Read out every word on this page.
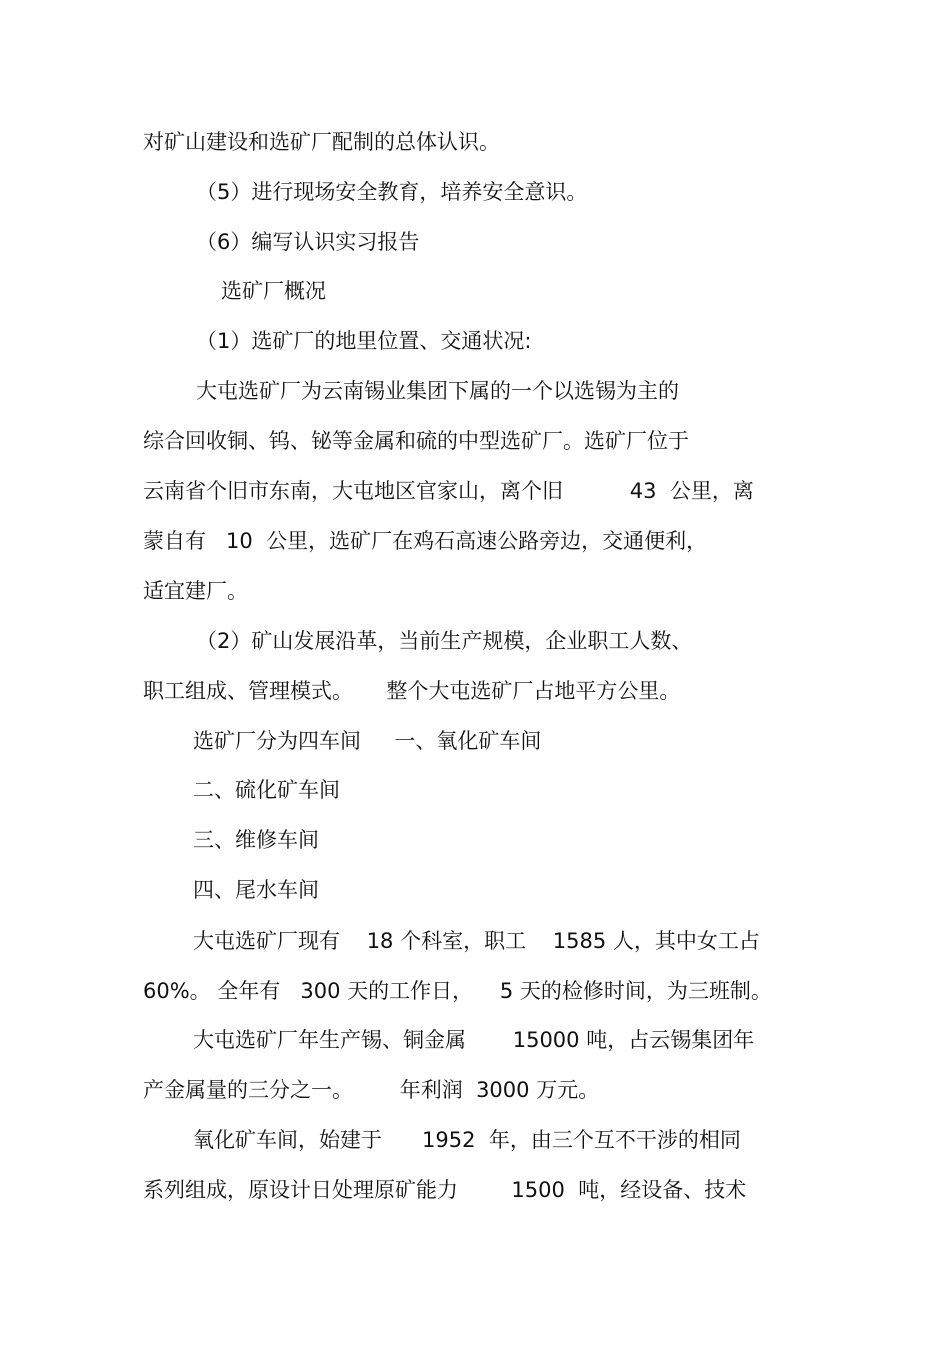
对矿山建设和选矿厂配制的总体认识。
（5）进行现场安全教育，培养安全意识。
（6）编写认识实习报告
选矿厂概况
（1）选矿厂的地里位置、交通状况:
大屯选矿厂为云南锡业集团下属的一个以选锡为主的
综合回收铜、钨、铋等金属和硫的中型选矿厂。选矿厂位于
云南省个旧市东南，大屯地区官家山，离个旧          43  公里，离
蒙自有   10  公里，选矿厂在鸡石高速公路旁边，交通便利，
适宜建厂。
（2）矿山发展沿革，当前生产规模，企业职工人数、
职工组成、管理模式。     整个大屯选矿厂占地平方公里。
选矿厂分为四车间     一、氧化矿车间
二、硫化矿车间
三、维修车间
四、尾水车间
大屯选矿厂现有    18 个科室，职工    1585 人，其中女工占
60%。 全年有   300 天的工作日，    5 天的检修时间，为三班制。
大屯选矿厂年生产锡、铜金属       15000 吨，占云锡集团年
产金属量的三分之一。       年利润  3000 万元。
氧化矿车间，始建于      1952  年，由三个互不干涉的相同
系列组成，原设计日处理原矿能力        1500  吨，经设备、技术
